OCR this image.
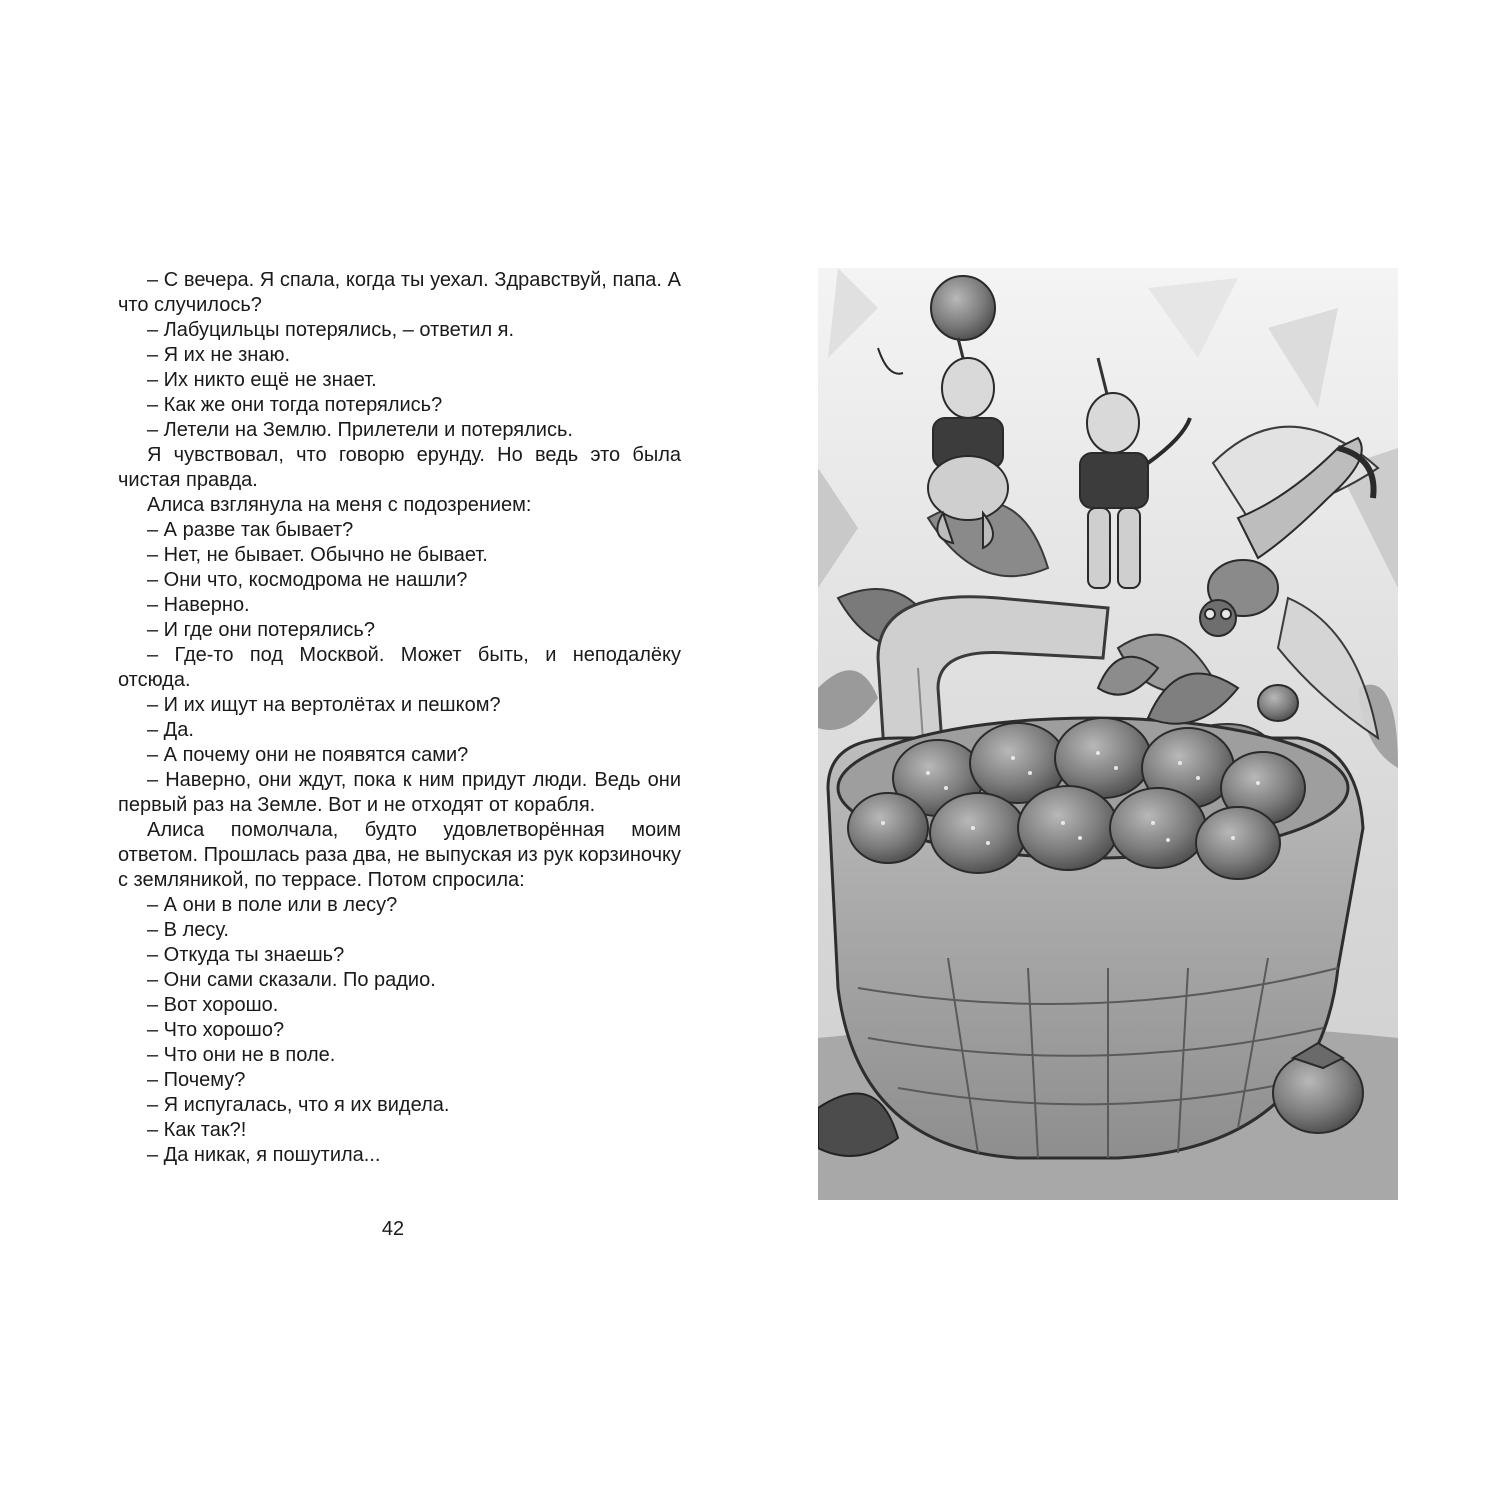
– С вечера. Я спала, когда ты уехал. Здравствуй, папа. А что случилось?

– Лабуцильцы потерялись, – ответил я.

– Я их не знаю.

– Их никто ещё не знает.

– Как же они тогда потерялись?

– Летели на Землю. Прилетели и потерялись.

Я чувствовал, что говорю ерунду. Но ведь это была чистая правда.

Алиса взглянула на меня с подозрением:

– А разве так бывает?

– Нет, не бывает. Обычно не бывает.

– Они что, космодрома не нашли?

– Наверно.

– И где они потерялись?

– Где-то под Москвой. Может быть, и неподалёку отсюда.

– И их ищут на вертолётах и пешком?

– Да.

– А почему они не появятся сами?

– Наверно, они ждут, пока к ним придут люди. Ведь они первый раз на Земле. Вот и не отходят от корабля.

Алиса помолчала, будто удовлетворённая моим ответом. Прошлась раза два, не выпуская из рук корзиночку с земляникой, по террасе. Потом спросила:

– А они в поле или в лесу?

– В лесу.

– Откуда ты знаешь?

– Они сами сказали. По радио.

– Вот хорошо.

– Что хорошо?

– Что они не в поле.

– Почему?

– Я испугалась, что я их видела.

– Как так?!

– Да никак, я пошутила...

42
